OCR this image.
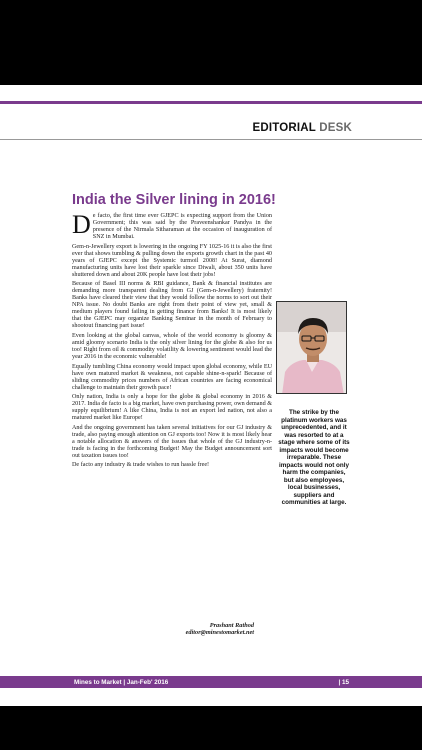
EDITORIAL DESK
India the Silver lining in 2016!

De facto, the first time ever GJEPC is expecting support from the Union Government; this was said by the Praveenshankar Pandya in the presence of the Nirmala Sitharaman at the occasion of inauguration of SNZ in Mumbai.

Gem-n-Jewellery export is lowering in the ongoing FY 1025-16 it is also the first ever that shows tumbling & pulling down the exports growth chart in the past 40 years of GJEPC except the Systemic turmoil 2008! At Surat, diamond manufacturing units have lost their sparkle since Diwali, about 350 units have shuttered down and about 20K people have lost their jobs!

Because of Basel III norms & RBI guidance, Bank & financial institutes are demanding more transparent dealing from GJ (Gem-n-Jewellery) fraternity! Banks have cleared their view that they would follow the norms to sort out their NPA issue. No doubt Banks are right from their point of view yet, small & medium players found failing in getting finance from Banks! It is most likely that the GJEPC may organize Banking Seminar in the month of February to shootout financing part issue!

Even looking at the global canvas, whole of the world economy is gloomy & amid gloomy scenario India is the only silver lining for the globe & also for us too! Right from oil & commodity volatility & lowering sentiment would lead the year 2016 in the economic vulnerable!

Equally tumbling China economy would impact upon global economy, while EU have own matured market & weakness, not capable shine-n-spark! Because of sliding commodity prices numbers of African countries are facing economical challenge to maintain their growth pace!

Only nation, India is only a hope for the globe & global economy in 2016 & 2017. India de facto is a big market, have own purchasing power, own demand & supply equilibrium! A like China, India is not an export led nation, not also a matured market like Europe!

And the ongoing government has taken several initiatives for our GJ industry & trade, also paying enough attention on GJ exports too! Now it is most likely hear a notable allocation & answers of the issues that whole of the GJ industry-n-trade is facing in the forthcoming Budget! May the Budget announcement sort out taxation issues too!

De facto any industry & trade wishes to run hassle free!

Prashant Rathod
editor@minestomarket.net
The strike by the platinum workers was unprecedented, and it was resorted to at a stage where some of its impacts would become irreparable. These impacts would not only harm the companies, but also employees, local businesses, suppliers and communities at large.
Mines to Market | Jan-Feb' 2016	| 15
